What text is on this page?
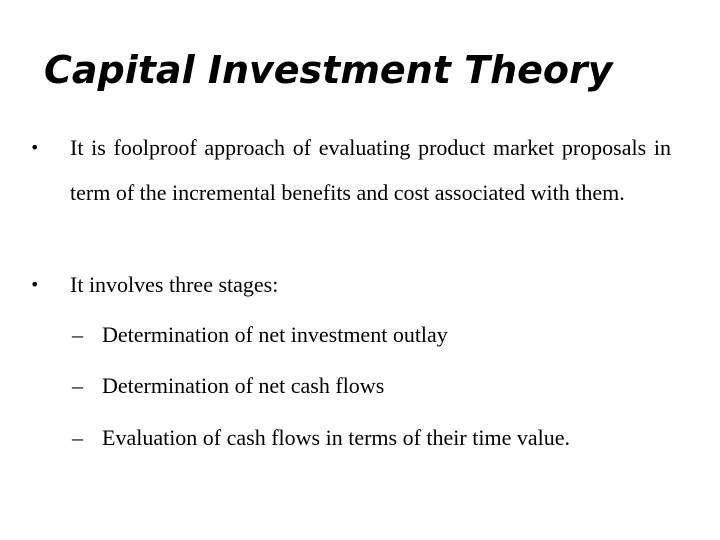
Capital Investment Theory

• It is foolproof approach of evaluating product market proposals in term of the incremental benefits and cost associated with them.

• It involves three stages:

– Determination of net investment outlay
– Determination of net cash flows
– Evaluation of cash flows in terms of their time value.
